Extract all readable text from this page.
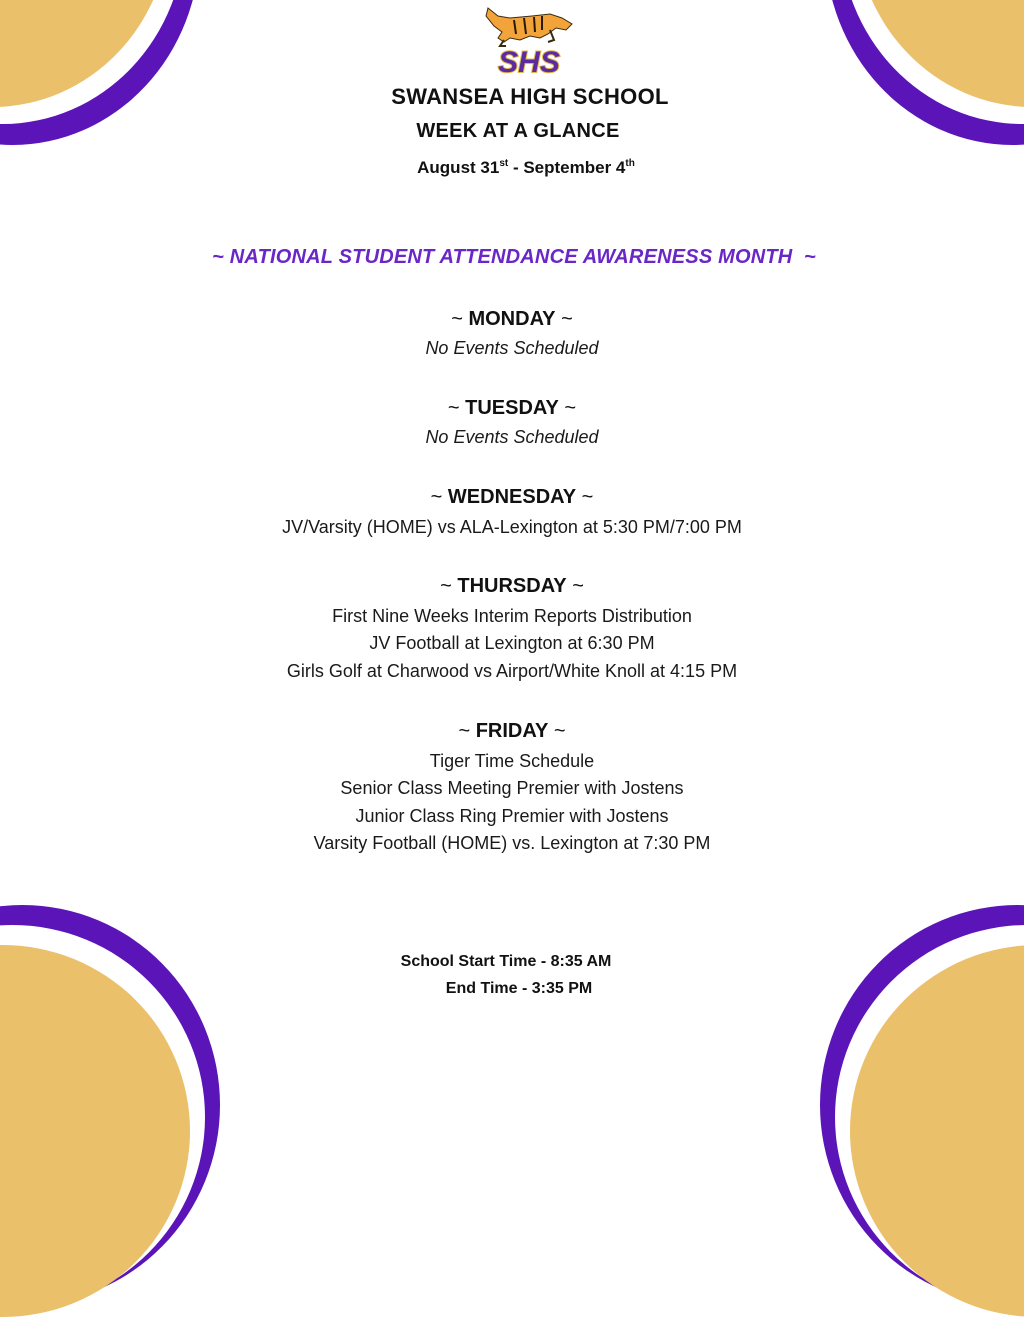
SHS
SWANSEA HIGH SCHOOL
WEEK AT A GLANCE
August 31st - September 4th
~ NATIONAL STUDENT ATTENDANCE AWARENESS MONTH  ~
~ MONDAY ~
No Events Scheduled
~ TUESDAY ~
No Events Scheduled
~ WEDNESDAY ~
JV/Varsity (HOME) vs ALA-Lexington at 5:30 PM/7:00 PM
~ THURSDAY ~
First Nine Weeks Interim Reports Distribution
JV Football at Lexington at 6:30 PM
Girls Golf at Charwood vs Airport/White Knoll at 4:15 PM
~ FRIDAY ~
Tiger Time Schedule
Senior Class Meeting Premier with Jostens
Junior Class Ring Premier with Jostens
Varsity Football (HOME) vs. Lexington at 7:30 PM
School Start Time - 8:35 AM
End Time - 3:35 PM
